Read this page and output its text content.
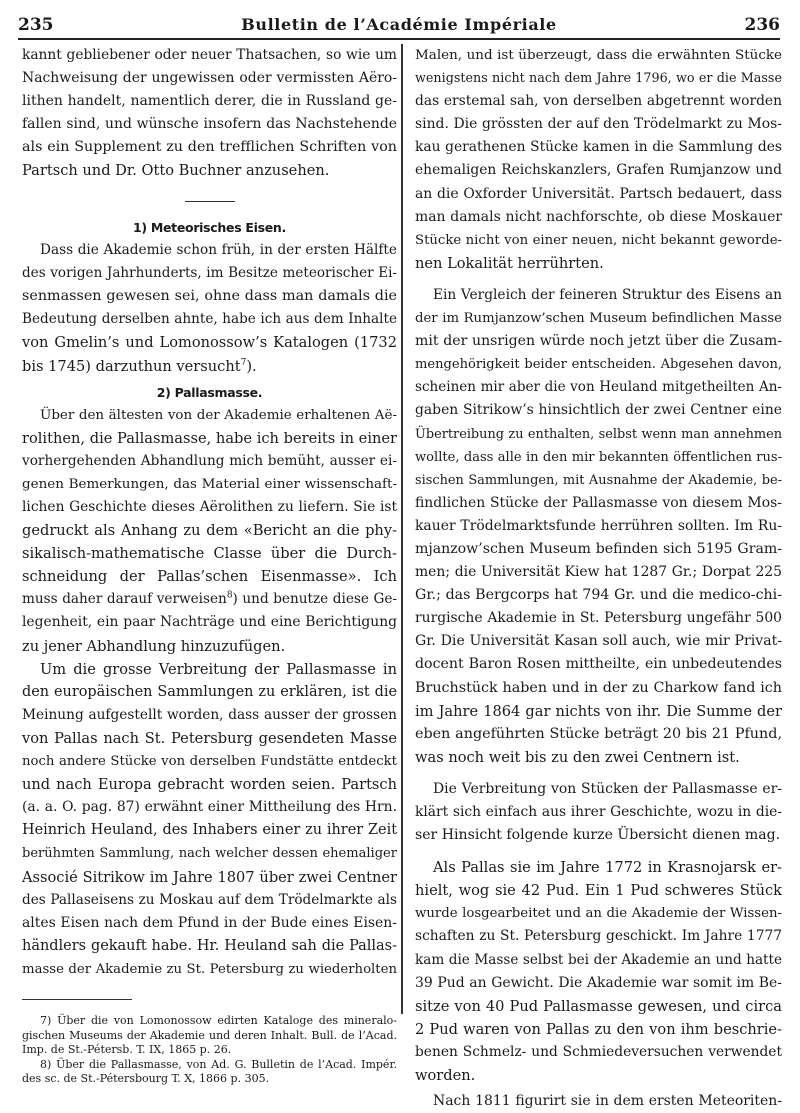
235	Bulletin de l’Académie Impériale	236
kannt gebliebener oder neuer Thatsachen, so wie um
Nachweisung der ungewissen oder vermissten Aëro-
lithen handelt, namentlich derer, die in Russland ge-
fallen sind, und wünsche insofern das Nachstehende
als ein Supplement zu den trefflichen Schriften von
Partsch und Dr. Otto Buchner anzusehen.
1) Meteorisches Eisen.
Dass die Akademie schon früh, in der ersten Hälfte
des vorigen Jahrhunderts, im Besitze meteorischer Ei-
senmassen gewesen sei, ohne dass man damals die
Bedeutung derselben ahnte, habe ich aus dem Inhalte
von Gmelin’s und Lomonossow’s Katalogen (1732
bis 1745) darzuthun versucht$^7$).
2) Pallasmasse.
Über den ältesten von der Akademie erhaltenen Aë-
rolithen, die Pallasmasse, habe ich bereits in einer
vorhergehenden Abhandlung mich bemüht, ausser ei-
genen Bemerkungen, das Material einer wissenschaft-
lichen Geschichte dieses Aërolithen zu liefern. Sie ist
gedruckt als Anhang zu dem «Bericht an die phy-
sikalisch-mathematische Classe über die Durch-
schneidung der Pallas’schen Eisenmasse». Ich
muss daher darauf verweisen$^8$) und benutze diese Ge-
legenheit, ein paar Nachträge und eine Berichtigung
zu jener Abhandlung hinzuzufügen.
Um die grosse Verbreitung der Pallasmasse in
den europäischen Sammlungen zu erklären, ist die
Meinung aufgestellt worden, dass ausser der grossen
von Pallas nach St. Petersburg gesendeten Masse
noch andere Stücke von derselben Fundstätte entdeckt
und nach Europa gebracht worden seien. Partsch
(a. a. O. pag. 87) erwähnt einer Mittheilung des Hrn.
Heinrich Heuland, des Inhabers einer zu ihrer Zeit
berühmten Sammlung, nach welcher dessen ehemaliger
Associé Sitrikow im Jahre 1807 über zwei Centner
des Pallaseisens zu Moskau auf dem Trödelmarkte als
altes Eisen nach dem Pfund in der Bude eines Eisen-
händlers gekauft habe. Hr. Heuland sah die Pallas-
masse der Akademie zu St. Petersburg zu wiederholten
7) Über die von Lomonossow edirten Kataloge des mineralo-
gischen Museums der Akademie und deren Inhalt. Bull. de l’Acad.
Imp. de St.-Pétersb. T. IX, 1865 p. 26.
8) Über die Pallasmasse, von Ad. G. Bulletin de l’Acad. Impér.
des sc. de St.-Pétersbourg T. X, 1866 p. 305.
Malen, und ist überzeugt, dass die erwähnten Stücke
wenigstens nicht nach dem Jahre 1796, wo er die Masse
das erstemal sah, von derselben abgetrennt worden
sind. Die grössten der auf den Trödelmarkt zu Mos-
kau gerathenen Stücke kamen in die Sammlung des
ehemaligen Reichskanzlers, Grafen Rumjanzow und
an die Oxforder Universität. Partsch bedauert, dass
man damals nicht nachforschte, ob diese Moskauer
Stücke nicht von einer neuen, nicht bekannt geworde-
nen Lokalität herrührten.
Ein Vergleich der feineren Struktur des Eisens an
der im Rumjanzow’schen Museum befindlichen Masse
mit der unsrigen würde noch jetzt über die Zusam-
mengehörigkeit beider entscheiden. Abgesehen davon,
scheinen mir aber die von Heuland mitgetheilten An-
gaben Sitrikow’s hinsichtlich der zwei Centner eine
Übertreibung zu enthalten, selbst wenn man annehmen
wollte, dass alle in den mir bekannten öffentlichen rus-
sischen Sammlungen, mit Ausnahme der Akademie, be-
findlichen Stücke der Pallasmasse von diesem Mos-
kauer Trödelmarktsfunde herrühren sollten. Im Ru-
mjanzow’schen Museum befinden sich 5195 Gram-
men; die Universität Kiew hat 1287 Gr.; Dorpat 225
Gr.; das Bergcorps hat 794 Gr. und die medico-chi-
rurgische Akademie in St. Petersburg ungefähr 500
Gr. Die Universität Kasan soll auch, wie mir Privat-
docent Baron Rosen mittheilte, ein unbedeutendes
Bruchstück haben und in der zu Charkow fand ich
im Jahre 1864 gar nichts von ihr. Die Summe der
eben angeführten Stücke beträgt 20 bis 21 Pfund,
was noch weit bis zu den zwei Centnern ist.
Die Verbreitung von Stücken der Pallasmasse er-
klärt sich einfach aus ihrer Geschichte, wozu in die-
ser Hinsicht folgende kurze Übersicht dienen mag.
Als Pallas sie im Jahre 1772 in Krasnojarsk er-
hielt, wog sie 42 Pud. Ein 1 Pud schweres Stück
wurde losgearbeitet und an die Akademie der Wissen-
schaften zu St. Petersburg geschickt. Im Jahre 1777
kam die Masse selbst bei der Akademie an und hatte
39 Pud an Gewicht. Die Akademie war somit im Be-
sitze von 40 Pud Pallasmasse gewesen, und circa
2 Pud waren von Pallas zu den von ihm beschrie-
benen Schmelz- und Schmiedeversuchen verwendet
worden.
Nach 1811 figurirt sie in dem ersten Meteoriten-
